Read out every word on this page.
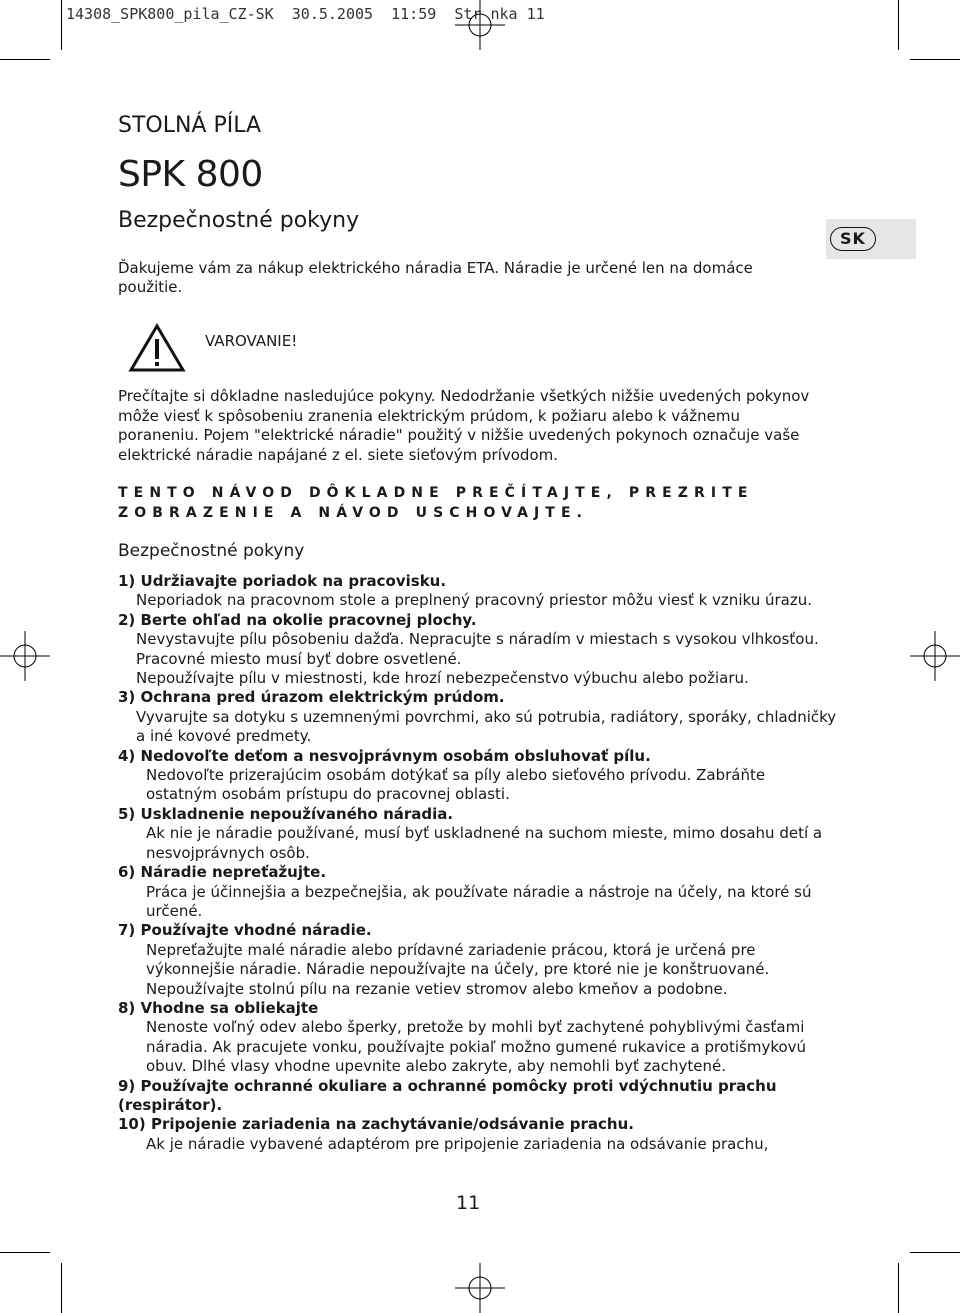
14308_SPK800_pila_CZ-SK  30.5.2005  11:59  Str nka 11
STOLNÁ PÍLA
SPK 800
Bezpečnostné pokyny
SK
Ďakujeme vám za nákup elektrického náradia ETA. Náradie je určené len na domáce použitie.
VAROVANIE!
Prečítajte si dôkladne nasledujúce pokyny. Nedodržanie všetkých nižšie uvedených pokynov môže viesť k spôsobeniu zranenia elektrickým prúdom, k požiaru alebo k vážnemu poraneniu. Pojem "elektrické náradie" použitý v nižšie uvedených pokynoch označuje vaše elektrické náradie napájané z el. siete sieťovým prívodom.
TENTO NÁVOD DÔKLADNE PREČÍTAJTE, PREZRITE ZOBRAZENIE A NÁVOD USCHOVAJTE.
Bezpečnostné pokyny
1) Udržiavajte poriadok na pracovisku.
Neporiadok na pracovnom stole a preplnený pracovný priestor môžu viesť k vzniku úrazu.
2) Berte ohľad na okolie pracovnej plochy.
Nevystavujte pílu pôsobeniu dažďa. Nepracujte s náradím v miestach s vysokou vlhkosťou.
Pracovné miesto musí byť dobre osvetlené.
Nepoužívajte pílu v miestnosti, kde hrozí nebezpečenstvo výbuchu alebo požiaru.
3) Ochrana pred úrazom elektrickým prúdom.
Vyvarujte sa dotyku s uzemnenými povrchmi, ako sú potrubia, radiátory, sporáky, chladničky a iné kovové predmety.
4) Nedovoľte deťom a nesvojprávnym osobám obsluhovať pílu.
Nedovoľte prizerajúcim osobám dotýkať sa píly alebo sieťového prívodu. Zabráňte ostatným osobám prístupu do pracovnej oblasti.
5) Uskladnenie nepoužívaného náradia.
Ak nie je náradie používané, musí byť uskladnené na suchom mieste, mimo dosahu detí a nesvojprávnych osôb.
6) Náradie nepreťažujte.
Práca je účinnejšia a bezpečnejšia, ak používate náradie a nástroje na účely, na ktoré sú určené.
7) Používajte vhodné náradie.
Nepreťažujte malé náradie alebo prídavné zariadenie prácou, ktorá je určená pre výkonnejšie náradie. Náradie nepoužívajte na účely, pre ktoré nie je konštruované. Nepoužívajte stolnú pílu na rezanie vetiev stromov alebo kmeňov a podobne.
8) Vhodne sa obliekajte
Nenoste voľný odev alebo šperky, pretože by mohli byť zachytené pohyblivými časťami náradia. Ak pracujete vonku, používajte pokiaľ možno gumené rukavice a protišmykovú obuv. Dlhé vlasy vhodne upevnite alebo zakryte, aby nemohli byť zachytené.
9) Používajte ochranné okuliare a ochranné pomôcky proti vdýchnutiu prachu (respirátor).
10) Pripojenie zariadenia na zachytávanie/odsávanie prachu.
Ak je náradie vybavené adaptérom pre pripojenie zariadenia na odsávanie prachu,
11
